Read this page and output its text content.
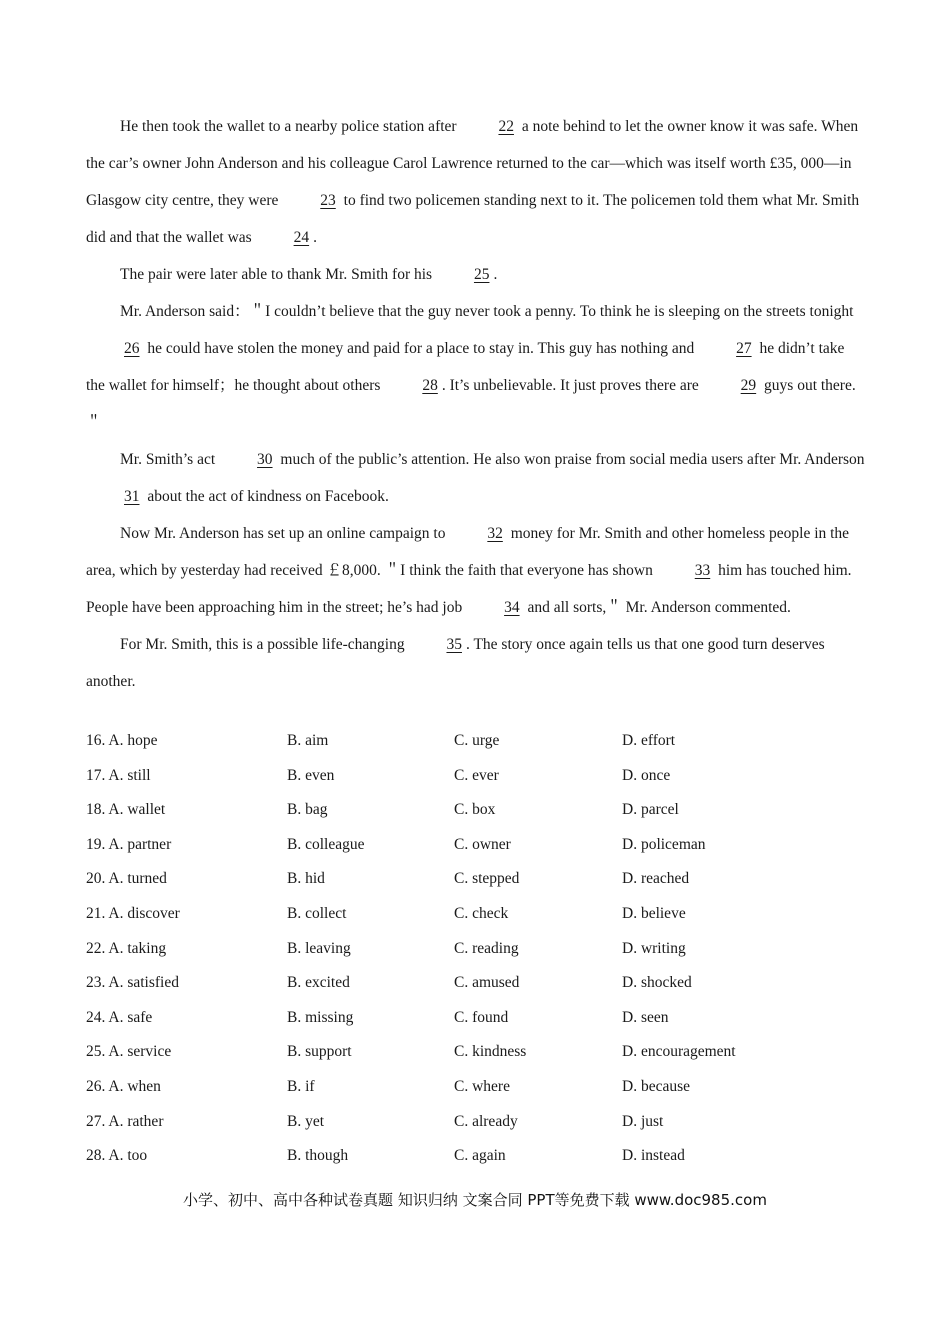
He then took the wallet to a nearby police station after 22 a note behind to let the owner know it was safe. When the car’s owner John Anderson and his colleague Carol Lawrence returned to the car—which was itself worth £35, 000—in Glasgow city centre, they were 23 to find two policemen standing next to it. The policemen told them what Mr. Smith did and that the wallet was 24 .

The pair were later able to thank Mr. Smith for his 25 .

Mr. Anderson said：＂I couldn’t believe that the guy never took a penny. To think he is sleeping on the streets tonight 26 he could have stolen the money and paid for a place to stay in. This guy has nothing and 27 he didn’t take the wallet for himself；he thought about others 28 . It’s unbelievable. It just proves there are 29 guys out there.＂

Mr. Smith’s act 30 much of the public’s attention. He also won praise from social media users after Mr. Anderson 31 about the act of kindness on Facebook.

Now Mr. Anderson has set up an online campaign to 32 money for Mr. Smith and other homeless people in the area, which by yesterday had received ￡8,000. ＂I think the faith that everyone has shown 33 him has touched him. People have been approaching him in the street; he’s had job 34 and all sorts,＂ Mr. Anderson commented.

For Mr. Smith, this is a possible life-changing 35 . The story once again tells us that one good turn deserves another.

16. A. hope	B. aim	C. urge	D. effort
17. A. still	B. even	C. ever	D. once
18. A. wallet	B. bag	C. box	D. parcel
19. A. partner	B. colleague	C. owner	D. policeman
20. A. turned	B. hid	C. stepped	D. reached
21. A. discover	B. collect	C. check	D. believe
22. A. taking	B. leaving	C. reading	D. writing
23. A. satisfied	B. excited	C. amused	D. shocked
24. A. safe	B. missing	C. found	D. seen
25. A. service	B. support	C. kindness	D. encouragement
26. A. when	B. if	C. where	D. because
27. A. rather	B. yet	C. already	D. just
28. A. too	B. though	C. again	D. instead
小学、初中、高中各种试卷真题 知识归纳 文案合同 PPT等免费下载 www.doc985.com
